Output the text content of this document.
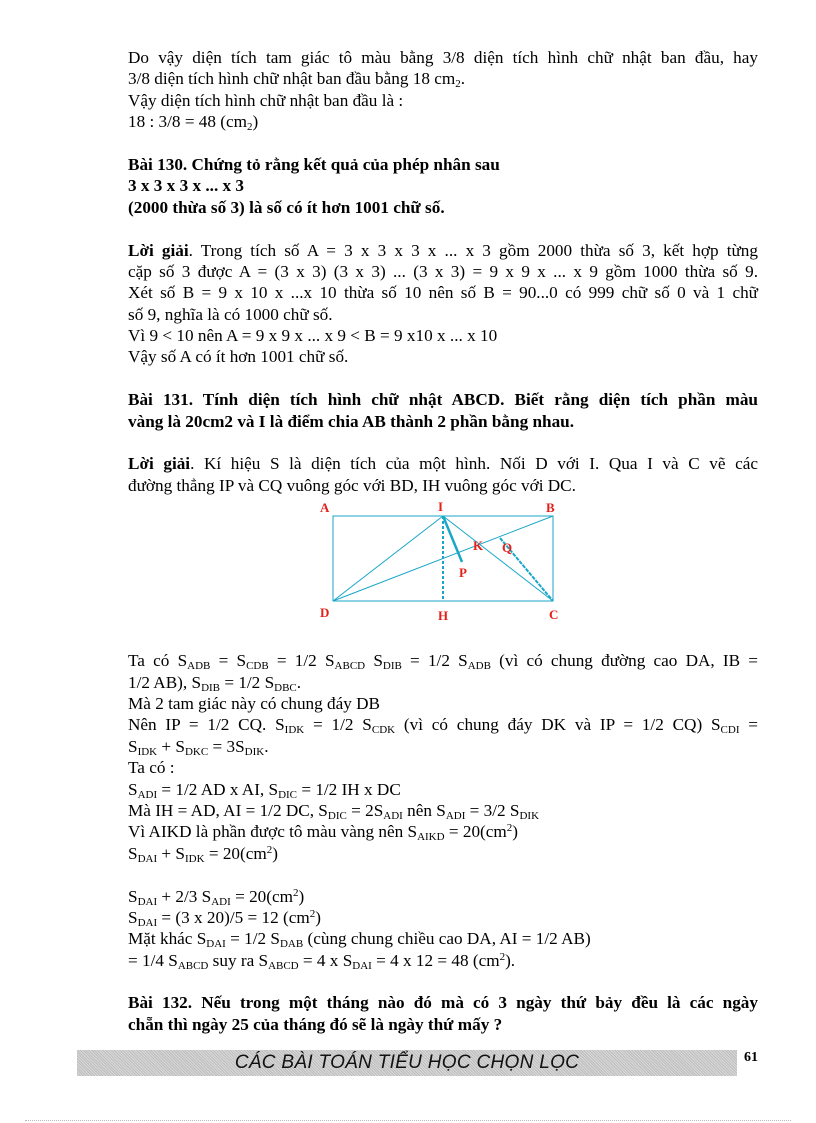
Do vậy diện tích tam giác tô màu bằng 3/8 diện tích hình chữ nhật ban đầu, hay
3/8 diện tích hình chữ nhật ban đầu bằng 18 $cm_2$.
Vậy diện tích hình chữ nhật ban đầu là :
18 : 3/8 = 48 $(cm_2)$
Bài 130. Chứng tỏ rằng kết quả của phép nhân sau
3 x 3 x 3 x ... x 3
(2000 thừa số 3) là số có ít hơn 1001 chữ số.
Lời giải. Trong tích số A = 3 x 3 x 3 x ... x 3 gồm 2000 thừa số 3, kết hợp từng
cặp số 3 được A = (3 x 3) (3 x 3) ... (3 x 3) = 9 x 9 x ... x 9 gồm 1000 thừa số 9.
Xét số B = 9 x 10 x ...x 10 thừa số 10 nên số B = 90...0 có 999 chữ số 0 và 1 chữ
số 9, nghĩa là có 1000 chữ số.
Vì 9 < 10 nên A = 9 x 9 x ... x 9 < B = 9 x10 x ... x 10
Vậy số A có ít hơn 1001 chữ số.
Bài 131. Tính diện tích hình chữ nhật ABCD. Biết rằng diện tích phần màu
vàng là 20cm2 và I là điểm chia AB thành 2 phần bằng nhau.
Lời giải. Kí hiệu S là diện tích của một hình. Nối D với I. Qua I và C vẽ các
đường thẳng IP và CQ vuông góc với BD, IH vuông góc với DC.
A	I	B
K Q
P
D	H	C
Ta có $S_{ADB} = S_{CDB} = 1/2$ $S_{ABCD}$ $S_{DIB} = 1/2$ $S_{ADB}$ (vì có chung đường cao DA, IB =
1/2 AB), $S_{DIB} = 1/2$ $S_{DBC}$.
Mà 2 tam giác này có chung đáy DB
Nên IP = 1/2 CQ. $S_{IDK} = 1/2$ $S_{CDK}$ (vì có chung đáy DK và IP = 1/2 CQ) $S_{CDI}$ =
$S_{IDK} + S_{DKC} = 3S_{DIK}$.
Ta có :
$S_{ADI} = 1/2$ AD x AI, $S_{DIC} = 1/2$ IH x DC
Mà IH = AD, AI = 1/2 DC, $S_{DIC} = 2S_{ADI}$ nên $S_{ADI} = 3/2$ $S_{DIK}$
Vì AIKD là phần được tô màu vàng nên $S_{AIKD} = 20(cm^2)$
$S_{DAI} + S_{IDK} = 20(cm^2)$
$S_{DAI} + 2/3$ $S_{ADI} = 20(cm^2)$
$S_{DAI} = (3$ x 20)/5 = 12 $(cm^2)$
Mặt khác $S_{DAI} = 1/2$ $S_{DAB}$ (cùng chung chiều cao DA, AI = 1/2 AB)
= 1/4 $S_{ABCD}$ suy ra $S_{ABCD} = 4$ x $S_{DAI} = 4$ x 12 = 48 $(cm^2)$.
Bài 132. Nếu trong một tháng nào đó mà có 3 ngày thứ bảy đều là các ngày
chẵn thì ngày 25 của tháng đó sẽ là ngày thứ mấy ?
CÁC BÀI TOÁN TIỂU HỌC CHỌN LỌC	61
